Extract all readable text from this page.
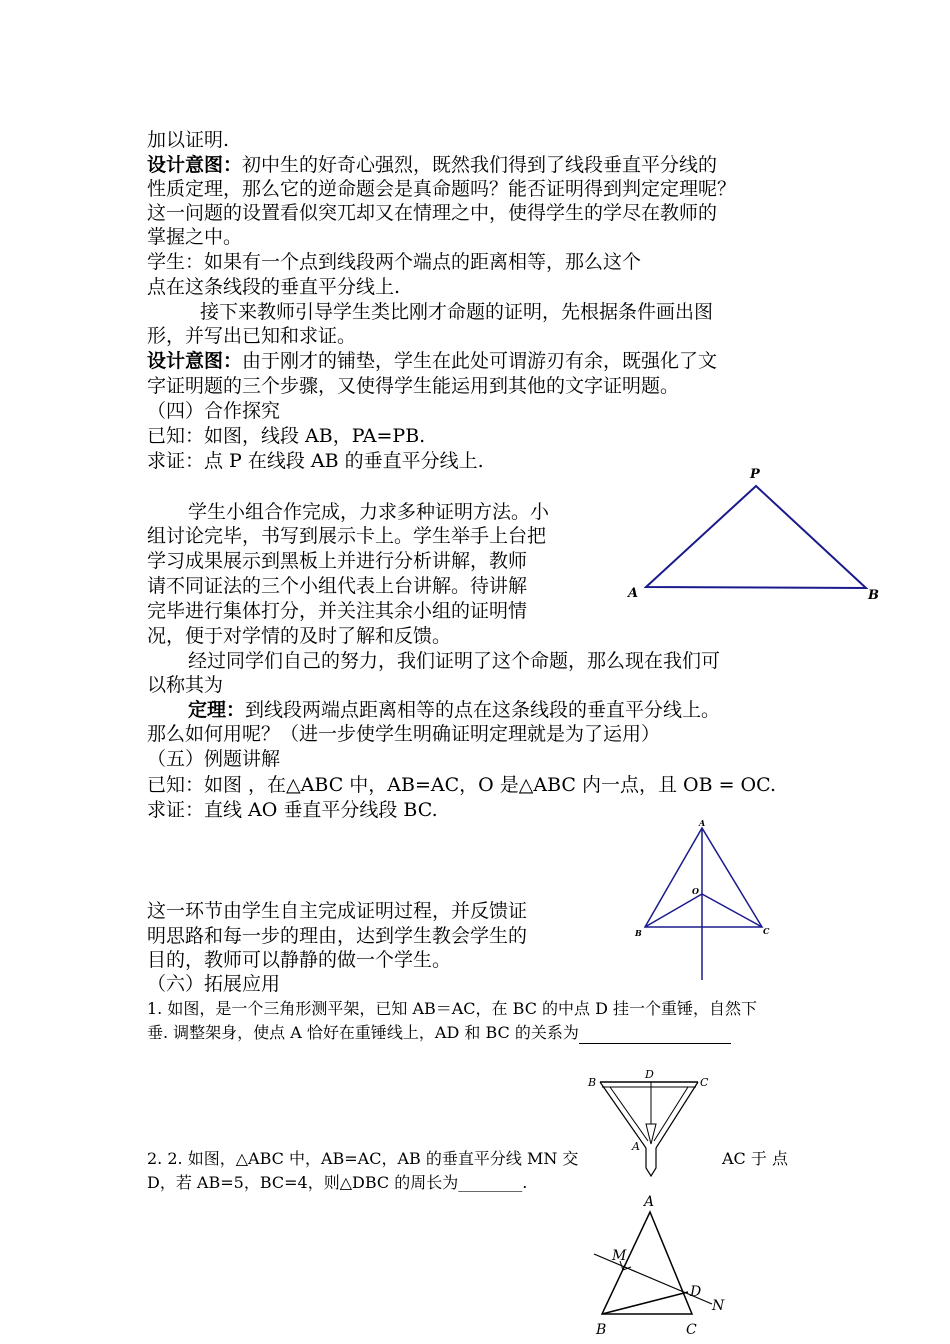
加以证明.
设计意图：初中生的好奇心强烈，既然我们得到了线段垂直平分线的
性质定理，那么它的逆命题会是真命题吗？能否证明得到判定定理呢？
这一问题的设置看似突兀却又在情理之中，使得学生的学尽在教师的
掌握之中。
学生：如果有一个点到线段两个端点的距离相等，那么这个
点在这条线段的垂直平分线上.
接下来教师引导学生类比刚才命题的证明，先根据条件画出图
形，并写出已知和求证。
设计意图：由于刚才的铺垫，学生在此处可谓游刃有余，既强化了文
字证明题的三个步骤，又使得学生能运用到其他的文字证明题。
（四）合作探究
已知：如图，线段 AB，PA=PB.
求证：点 P 在线段 AB 的垂直平分线上.
学生小组合作完成，力求多种证明方法。小
组讨论完毕，书写到展示卡上。学生举手上台把
学习成果展示到黑板上并进行分析讲解，教师
请不同证法的三个小组代表上台讲解。待讲解
完毕进行集体打分，并关注其余小组的证明情
况，便于对学情的及时了解和反馈。
经过同学们自己的努力，我们证明了这个命题，那么现在我们可
以称其为
定理：到线段两端点距离相等的点在这条线段的垂直平分线上。
那么如何用呢？（进一步使学生明确证明定理就是为了运用）
（五）例题讲解
已知：如图 ，在△ABC 中，AB=AC，O 是△ABC 内一点，且 OB = OC.
求证：直线 AO 垂直平分线段 BC.
这一环节由学生自主完成证明过程，并反馈证
明思路和每一步的理由，达到学生教会学生的
目的，教师可以静静的做一个学生。
（六）拓展应用
1. 如图，是一个三角形测平架，已知 AB＝AC，在 BC 的中点 D 挂一个重锤，自然下
垂. 调整架身，使点 A 恰好在重锤线上，AD 和 BC 的关系为
2. 2. 如图，△ABC 中，AB=AC，AB 的垂直平分线 MN 交	AC 于 点
D，若 AB=5，BC=4，则△DBC 的周长为________.
P
A	B
A
O
B	C
B
D
C
A
A
M
D
N
B	C
